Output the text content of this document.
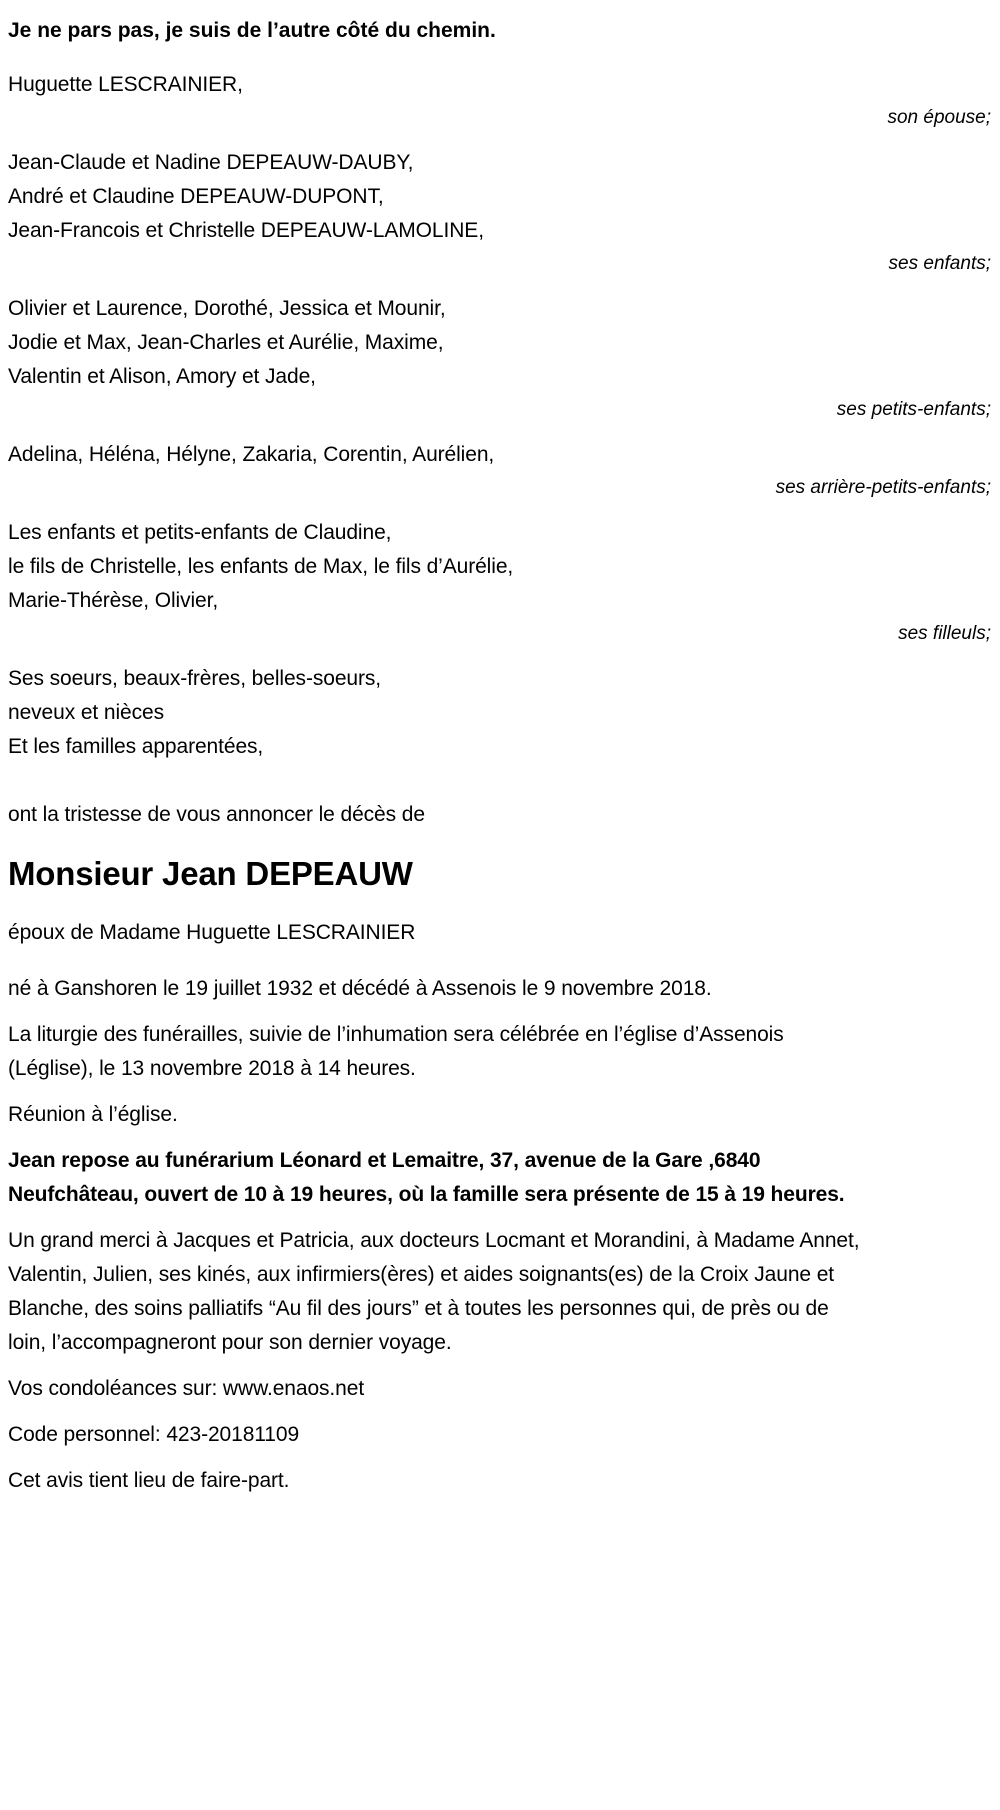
Je ne pars pas, je suis de l’autre côté du chemin.

Huguette LESCRAINIER,
son épouse;
Jean-Claude et Nadine DEPEAUW-DAUBY,
André et Claudine DEPEAUW-DUPONT,
Jean-Francois et Christelle DEPEAUW-LAMOLINE,
ses enfants;
Olivier et Laurence, Dorothé, Jessica et Mounir,
Jodie et Max, Jean-Charles et Aurélie, Maxime,
Valentin et Alison, Amory et Jade,
ses petits-enfants;
Adelina, Héléna, Hélyne, Zakaria, Corentin, Aurélien,
ses arrière-petits-enfants;
Les enfants et petits-enfants de Claudine,
le fils de Christelle, les enfants de Max, le fils d’Aurélie,
Marie-Thérèse, Olivier,
ses filleuls;
Ses soeurs, beaux-frères, belles-soeurs,
neveux et nièces
Et les familles apparentées,

ont la tristesse de vous annoncer le décès de

Monsieur Jean DEPEAUW

époux de Madame Huguette LESCRAINIER

né à Ganshoren le 19 juillet 1932 et décédé à Assenois le 9 novembre 2018.

La liturgie des funérailles, suivie de l’inhumation sera célébrée en l’église d’Assenois (Léglise), le 13 novembre 2018 à 14 heures.

Réunion à l’église.

Jean repose au funérarium Léonard et Lemaitre, 37, avenue de la Gare ,6840 Neufchâteau, ouvert de 10 à 19 heures, où la famille sera présente de 15 à 19 heures.

Un grand merci à Jacques et Patricia, aux docteurs Locmant et Morandini, à Madame Annet, Valentin, Julien, ses kinés, aux infirmiers(ères) et aides soignants(es) de la Croix Jaune et Blanche, des soins palliatifs “Au fil des jours” et à toutes les personnes qui, de près ou de loin, l’accompagneront pour son dernier voyage.

Vos condoléances sur: www.enaos.net

Code personnel: 423-20181109

Cet avis tient lieu de faire-part.
